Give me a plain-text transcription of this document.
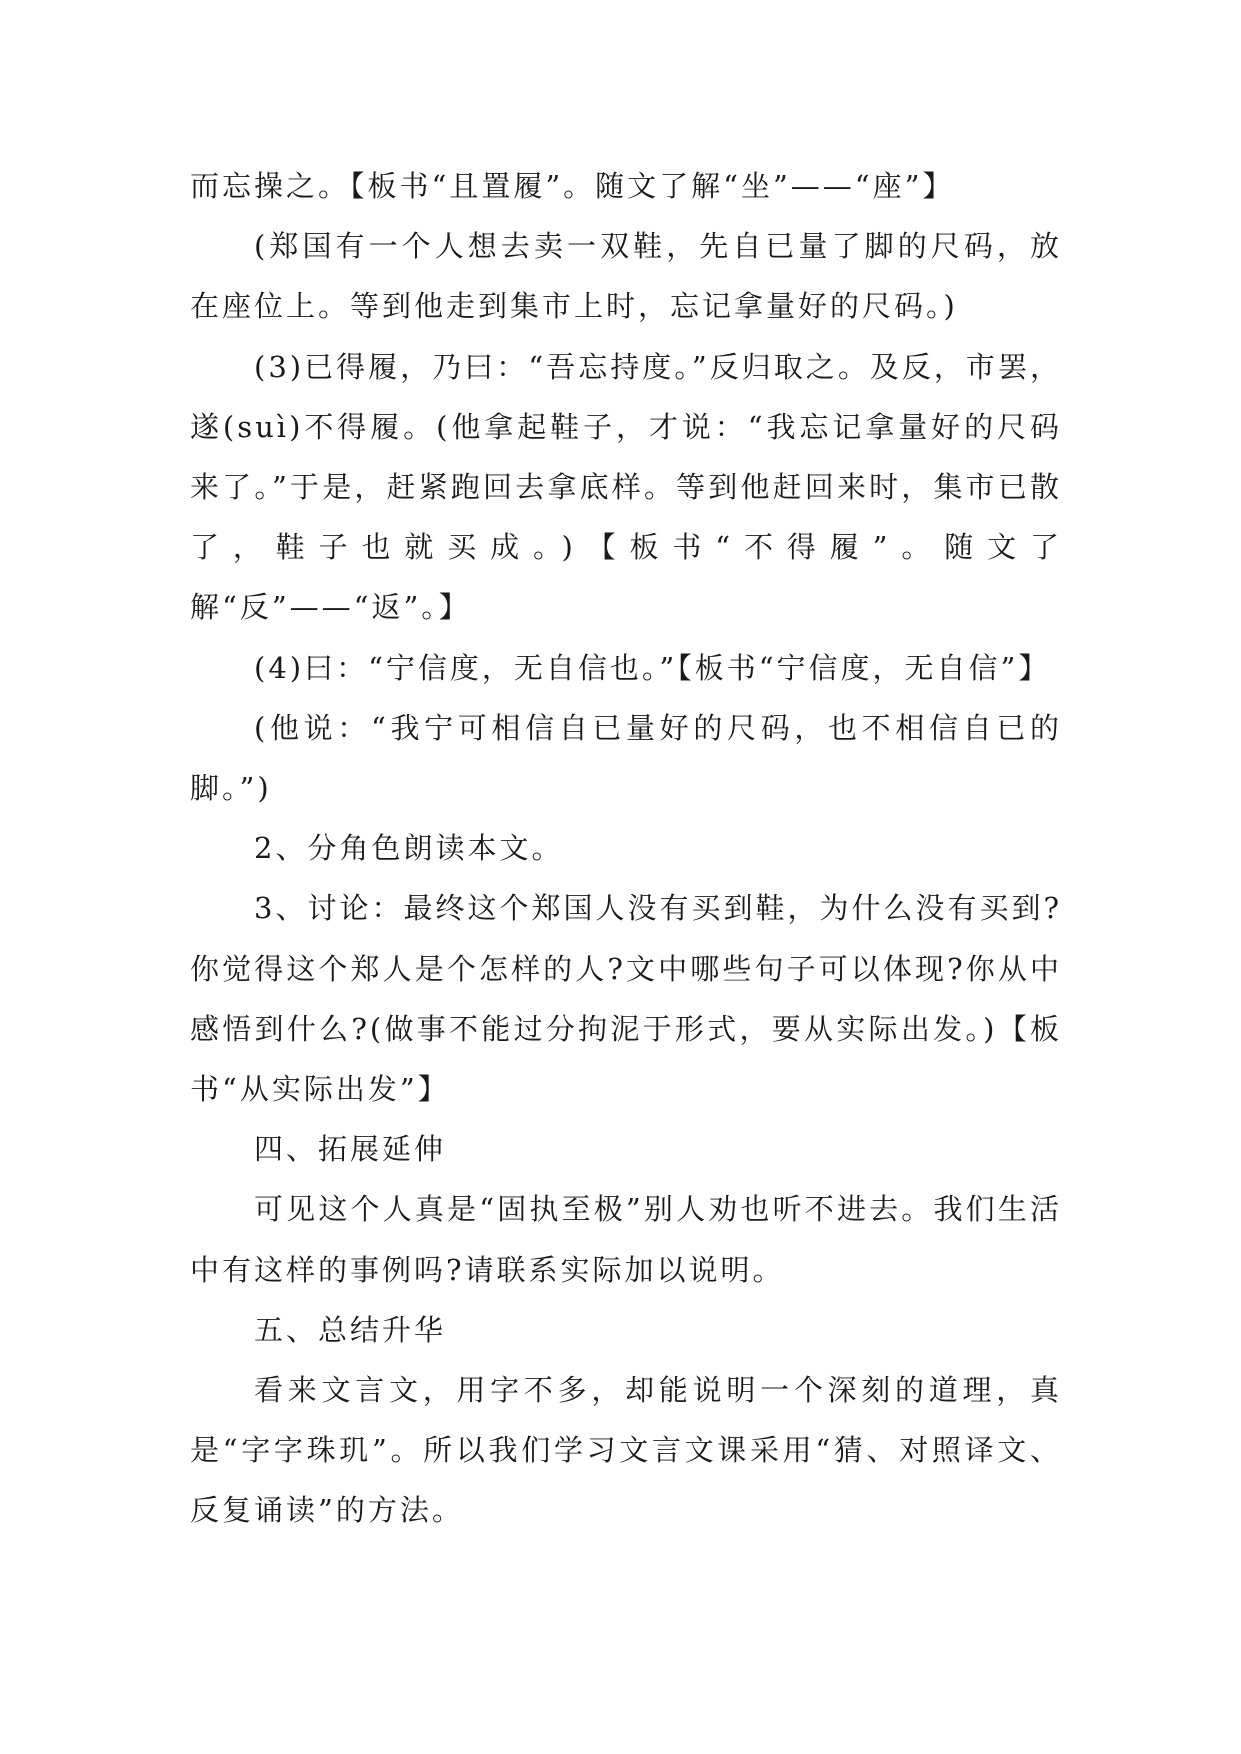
而忘操之。【板书“且置履”。随文了解“坐”——“座”】

(郑国有一个人想去卖一双鞋，先自已量了脚的尺码，放在座位上。等到他走到集市上时，忘记拿量好的尺码。)

(3)已得履，乃曰：“吾忘持度。”反归取之。及反，市罢，遂(suì)不得履。(他拿起鞋子，才说：“我忘记拿量好的尺码来了。”于是，赶紧跑回去拿底样。等到他赶回来时，集市已散了，鞋子也就买成。)【板书“不得履”。随文了解“反”——“返”。】

(4)曰：“宁信度，无自信也。”【板书“宁信度，无自信”】

(他说：“我宁可相信自已量好的尺码，也不相信自已的脚。”)

2、分角色朗读本文。

3、讨论：最终这个郑国人没有买到鞋，为什么没有买到?你觉得这个郑人是个怎样的人?文中哪些句子可以体现?你从中感悟到什么?(做事不能过分拘泥于形式，要从实际出发。)【板书“从实际出发”】

四、拓展延伸

可见这个人真是“固执至极”别人劝也听不进去。我们生活中有这样的事例吗?请联系实际加以说明。

五、总结升华

看来文言文，用字不多，却能说明一个深刻的道理，真是“字字珠玑”。所以我们学习文言文课采用“猜、对照译文、反复诵读”的方法。
